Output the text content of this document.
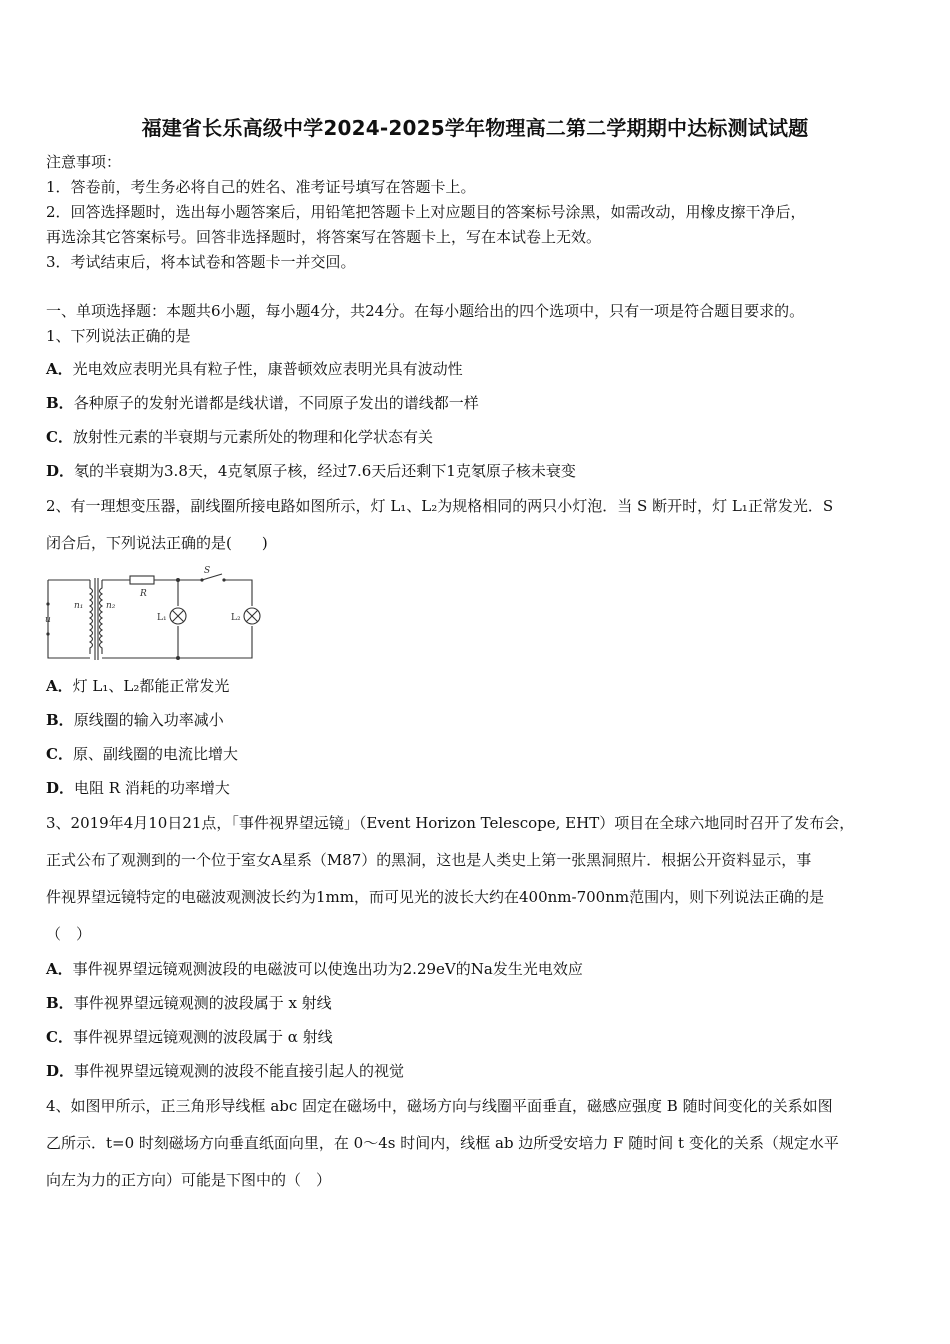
福建省长乐高级中学2024-2025学年物理高二第二学期期中达标测试试题
注意事项：
1．答卷前，考生务必将自己的姓名、准考证号填写在答题卡上。
2．回答选择题时，选出每小题答案后，用铅笔把答题卡上对应题目的答案标号涂黑，如需改动，用橡皮擦干净后，
再选涂其它答案标号。回答非选择题时，将答案写在答题卡上，写在本试卷上无效。
3．考试结束后，将本试卷和答题卡一并交回。
一、单项选择题：本题共6小题，每小题4分，共24分。在每小题给出的四个选项中，只有一项是符合题目要求的。
1、下列说法正确的是
A．光电效应表明光具有粒子性，康普顿效应表明光具有波动性
B．各种原子的发射光谱都是线状谱，不同原子发出的谱线都一样
C．放射性元素的半衰期与元素所处的物理和化学状态有关
D．氡的半衰期为3.8天，4克氡原子核，经过7.6天后还剩下1克氡原子核未衰变
2、有一理想变压器，副线圈所接电路如图所示，灯 L₁、L₂为规格相同的两只小灯泡．当 S 断开时，灯 L₁正常发光．S
闭合后，下列说法正确的是(　　)
n₁	n₂
u
R
S
L₁	L₂
A．灯 L₁、L₂都能正常发光
B．原线圈的输入功率减小
C．原、副线圈的电流比增大
D．电阻 R 消耗的功率增大
3、2019年4月10日21点，「事件视界望远镜」（Event Horizon Telescope, EHT）项目在全球六地同时召开了发布会，
正式公布了观测到的一个位于室女A星系（M87）的黑洞，这也是人类史上第一张黑洞照片．根据公开资料显示，事
件视界望远镜特定的电磁波观测波长约为1mm，而可见光的波长大约在400nm-700nm范围内，则下列说法正确的是
（　）
A．事件视界望远镜观测波段的电磁波可以使逸出功为2.29eV的Na发生光电效应
B．事件视界望远镜观测的波段属于 x 射线
C．事件视界望远镜观测的波段属于 α 射线
D．事件视界望远镜观测的波段不能直接引起人的视觉
4、如图甲所示，正三角形导线框 abc 固定在磁场中，磁场方向与线圈平面垂直，磁感应强度 B 随时间变化的关系如图
乙所示．t=0 时刻磁场方向垂直纸面向里，在 0～4s 时间内，线框 ab 边所受安培力 F 随时间 t 变化的关系（规定水平
向左为力的正方向）可能是下图中的（　）
